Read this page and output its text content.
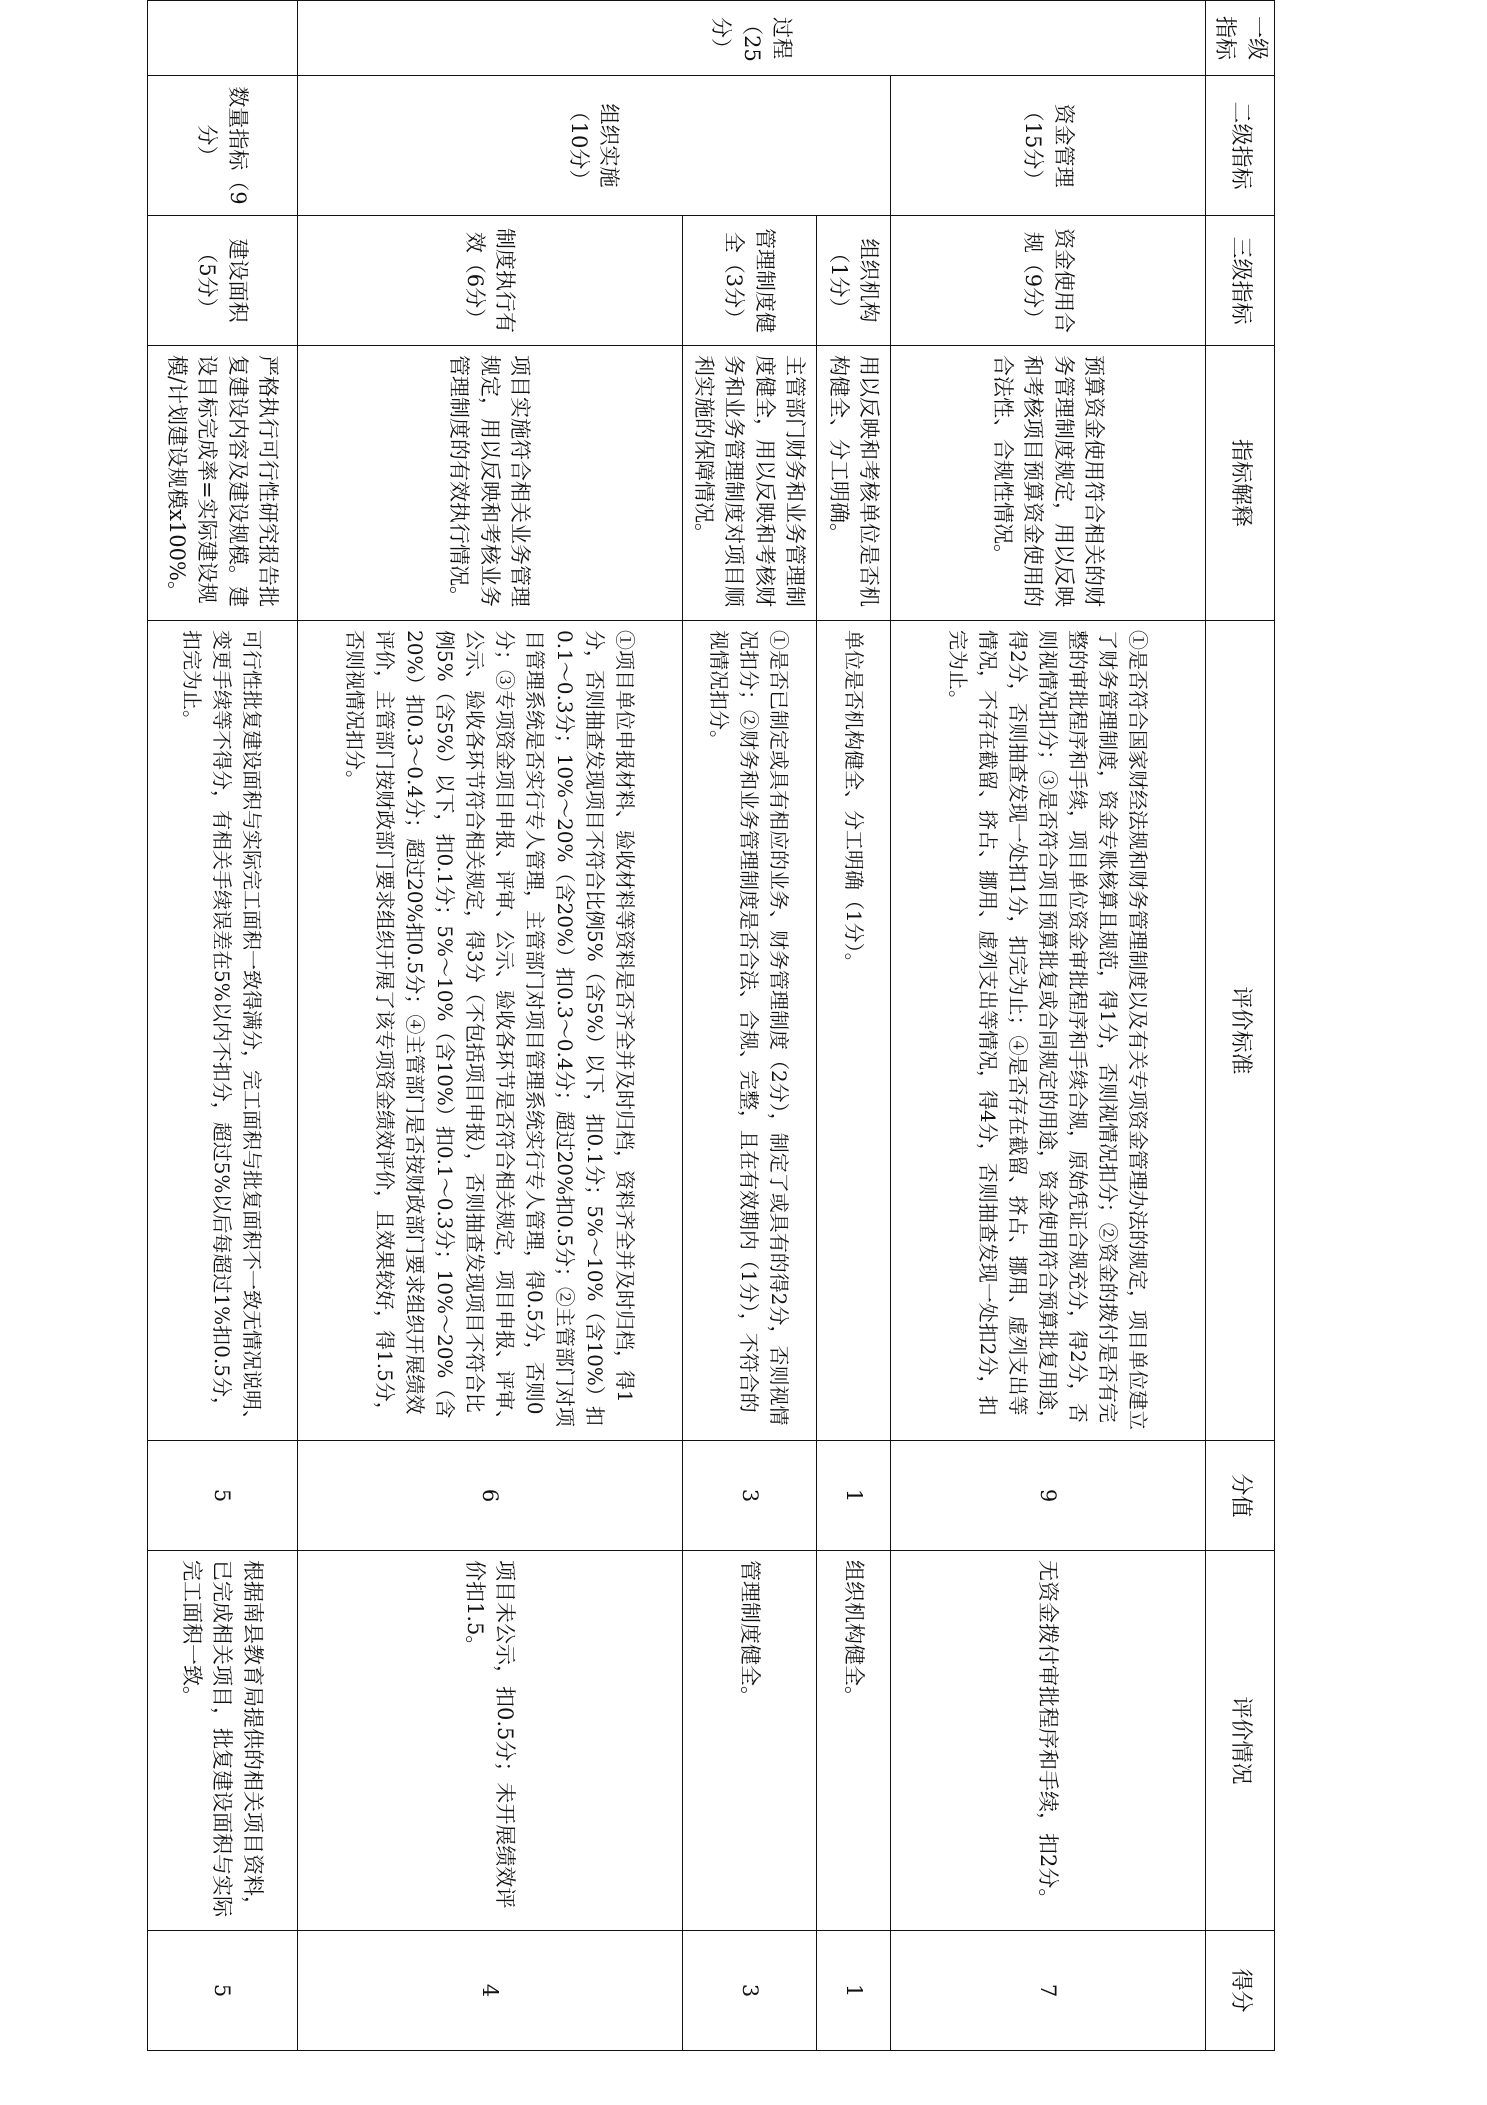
一级指标	二级指标	三级指标	指标解释	评价标准	分值	评价情况	得分
过程（25分）	资金管理（15分）	资金使用合规（9分）	预算资金使用符合相关的财务管理制度规定，用以反映和考核项目预算资金使用的合法性、合规性情况。	①是否符合国家财经法规和财务管理制度以及有关专项资金管理办法的规定，项目单位建立了财务管理制度，资金专账核算且规范，得1分，否则视情况扣分；②资金的拨付是否有完整的审批程序和手续，项目单位资金审批程序和手续合规，原始凭证合规充分，得2分，否则视情况扣分；③是否符合项目预算批复或合同规定的用途，资金使用符合预算批复用途，得2分，否则抽查发现一处扣1分，扣完为止；④是否存在截留、挤占、挪用、虚列支出等情况，不存在截留、挤占、挪用、虚列支出等情况，得4分，否则抽查发现一处扣2分，扣完为止。	9	无资金拨付审批程序和手续，扣2分。	7
	组织实施（10分）	组织机构（1分）	用以反映和考核单位是否机构健全、分工明确。	单位是否机构健全、分工明确（1分）。	1	组织机构健全。	1
		管理制度健全（3分）	主管部门财务和业务管理制度健全，用以反映和考核财务和业务管理制度对项目顺利实施的保障情况。	①是否已制定或具有相应的业务、财务管理制度（2分），制定了或具有的得2分，否则视情况扣分；②财务和业务管理制度是否合法、合规、完整，且在有效期内（1分），不符合的视情况扣分。	3	管理制度健全。	3
		制度执行有效（6分）	项目实施符合相关业务管理规定，用以反映和考核业务管理制度的有效执行情况。	①项目单位申报材料、验收材料等资料是否齐全并及时归档，资料齐全并及时归档，得1分，否则抽查发现项目不符合比例5%（含5%）以下，扣0.1分；5%～10%（含10%）扣0.1～0.3分；10%～20%（含20%）扣0.3～0.4分；超过20%扣0.5分；②主管部门对项目管理系统是否实行专人管理，主管部门对项目管理系统实行专人管理，得0.5分，否则0分；③专项资金项目申报、评审、公示、验收各环节是否符合相关规定，项目申报、评审、公示、验收各环节符合相关规定，得3分（不包括项目申报），否则抽查发现项目不符合比例5%（含5%）以下，扣0.1分；5%～10%（含10%）扣0.1～0.3分；10%～20%（含20%）扣0.3～0.4分；超过20%扣0.5分；④主管部门是否按财政部门要求组织开展绩效评价，主管部门按财政部门要求组织开展了该专项资金绩效评价，且效果较好，得1.5分，否则视情况扣分。	6	项目未公示，扣0.5分；未开展绩效评价扣1.5。	4
	数量指标（9分）	建设面积（5分）	严格执行可行性研究报告批复建设内容及建设规模。建设目标完成率=实际建设规模/计划建设规模x100%。	可行性批复建设面积与实际完工面积一致得满分，完工面积与批复面积不一致无情况说明、变更手续等不得分，有相关手续误差在5%以内不扣分，超过5%以后每超过1%扣0.5分，扣完为止。	5	根据南县教育局提供的相关项目资料，已完成相关项目，批复建设面积与实际完工面积一致。	5
